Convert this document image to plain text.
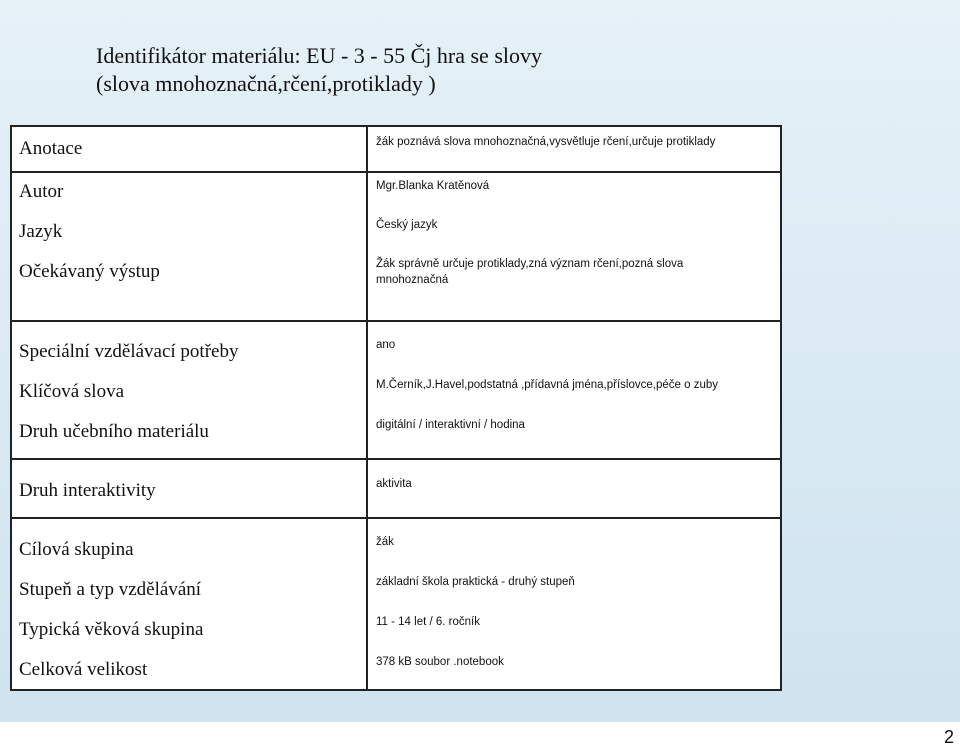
Identifikátor materiálu: EU - 3 - 55 Čj hra se slovy
(slova mnohoznačná,rčení,protiklady )
Anotace	žák poznává slova mnohoznačná,vysvětluje rčení,určuje protiklady
Autor	Mgr.Blanka Kratěnová
Jazyk	Český jazyk
Očekávaný výstup	Žák správně určuje protiklady,zná význam rčení,pozná slova mnohoznačná
Speciální vzdělávací potřeby	ano
Klíčová slova	M.Černík,J.Havel,podstatná ,přídavná jména,příslovce,péče o zuby
Druh učebního materiálu	digitální / interaktivní / hodina
Druh interaktivity	aktivita
Cílová skupina	žák
Stupeň a typ vzdělávání	základní škola praktická - druhý stupeň
Typická věková skupina	11 - 14 let / 6. ročník
Celková velikost	378 kB soubor .notebook
2
